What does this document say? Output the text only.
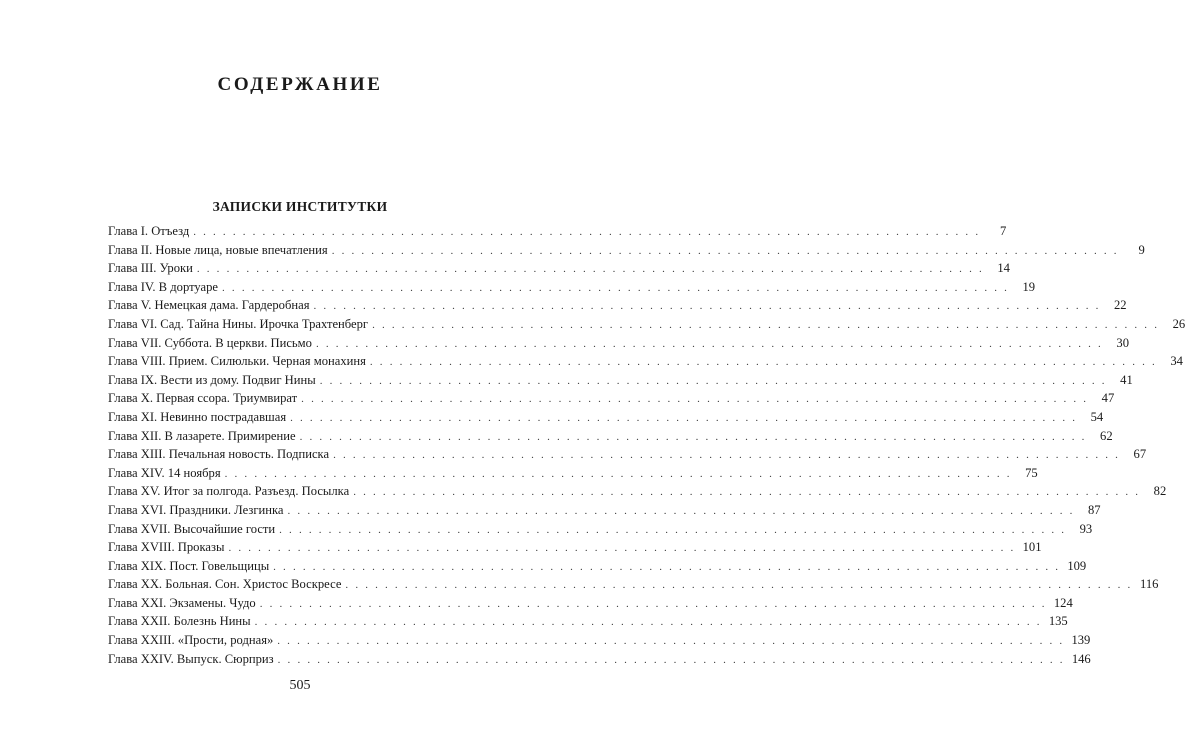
СОДЕРЖАНИЕ
ЗАПИСКИ ИНСТИТУТКИ
Глава I. Отъезд . . . . . . . . . . . . . . . . . . . . . . . . . . . . . . . . . . . . . . . . . . . . . . . . . . . . . . . . . . . . . . . . . . . . . . . . . . . . . . . .	7
Глава II. Новые лица, новые впечатления . . . . . . . . . . . . . . . . . . . . . . . . . . . . . . . . . . . . . . . . . . . . . . . . . . . . . . . . . . . . . . . . . . . . . . . . . . . . . . . .	9
Глава III. Уроки . . . . . . . . . . . . . . . . . . . . . . . . . . . . . . . . . . . . . . . . . . . . . . . . . . . . . . . . . . . . . . . . . . . . . . . . . . . . . . . .	14
Глава IV. В дортуаре . . . . . . . . . . . . . . . . . . . . . . . . . . . . . . . . . . . . . . . . . . . . . . . . . . . . . . . . . . . . . . . . . . . . . . . . . . . . . . . .	19
Глава V. Немецкая дама. Гардеробная . . . . . . . . . . . . . . . . . . . . . . . . . . . . . . . . . . . . . . . . . . . . . . . . . . . . . . . . . . . . . . . . . . . . . . . . . . . . . . . .	22
Глава VI. Сад. Тайна Нины. Ирочка Трахтенберг . . . . . . . . . . . . . . . . . . . . . . . . . . . . . . . . . . . . . . . . . . . . . . . . . . . . . . . . . . . . . . . . . . . . . . . . . . . . . . . .	26
Глава VII. Суббота. В церкви. Письмо . . . . . . . . . . . . . . . . . . . . . . . . . . . . . . . . . . . . . . . . . . . . . . . . . . . . . . . . . . . . . . . . . . . . . . . . . . . . . . . .	30
Глава VIII. Прием. Силюльки. Черная монахиня . . . . . . . . . . . . . . . . . . . . . . . . . . . . . . . . . . . . . . . . . . . . . . . . . . . . . . . . . . . . . . . . . . . . . . . . . . . . . . . .	34
Глава IX. Вести из дому. Подвиг Нины . . . . . . . . . . . . . . . . . . . . . . . . . . . . . . . . . . . . . . . . . . . . . . . . . . . . . . . . . . . . . . . . . . . . . . . . . . . . . . . .	41
Глава X. Первая ссора. Триумвират . . . . . . . . . . . . . . . . . . . . . . . . . . . . . . . . . . . . . . . . . . . . . . . . . . . . . . . . . . . . . . . . . . . . . . . . . . . . . . . .	47
Глава XI. Невинно пострадавшая . . . . . . . . . . . . . . . . . . . . . . . . . . . . . . . . . . . . . . . . . . . . . . . . . . . . . . . . . . . . . . . . . . . . . . . . . . . . . . . .	54
Глава XII. В лазарете. Примирение . . . . . . . . . . . . . . . . . . . . . . . . . . . . . . . . . . . . . . . . . . . . . . . . . . . . . . . . . . . . . . . . . . . . . . . . . . . . . . . .	62
Глава XIII. Печальная новость. Подписка . . . . . . . . . . . . . . . . . . . . . . . . . . . . . . . . . . . . . . . . . . . . . . . . . . . . . . . . . . . . . . . . . . . . . . . . . . . . . . . .	67
Глава XIV. 14 ноября . . . . . . . . . . . . . . . . . . . . . . . . . . . . . . . . . . . . . . . . . . . . . . . . . . . . . . . . . . . . . . . . . . . . . . . . . . . . . . . .	75
Глава XV. Итог за полгода. Разъезд. Посылка . . . . . . . . . . . . . . . . . . . . . . . . . . . . . . . . . . . . . . . . . . . . . . . . . . . . . . . . . . . . . . . . . . . . . . . . . . . . . . . .	82
Глава XVI. Праздники. Лезгинка . . . . . . . . . . . . . . . . . . . . . . . . . . . . . . . . . . . . . . . . . . . . . . . . . . . . . . . . . . . . . . . . . . . . . . . . . . . . . . . .	87
Глава XVII. Высочайшие гости . . . . . . . . . . . . . . . . . . . . . . . . . . . . . . . . . . . . . . . . . . . . . . . . . . . . . . . . . . . . . . . . . . . . . . . . . . . . . . . .	93
Глава XVIII. Проказы . . . . . . . . . . . . . . . . . . . . . . . . . . . . . . . . . . . . . . . . . . . . . . . . . . . . . . . . . . . . . . . . . . . . . . . . . . . . . . . . 101
Глава XIX. Пост. Говельщицы . . . . . . . . . . . . . . . . . . . . . . . . . . . . . . . . . . . . . . . . . . . . . . . . . . . . . . . . . . . . . . . . . . . . . . . . . . . . . . . . 109
Глава XX. Больная. Сон. Христос Воскресе . . . . . . . . . . . . . . . . . . . . . . . . . . . . . . . . . . . . . . . . . . . . . . . . . . . . . . . . . . . . . . . . . . . . . . . . . . . . . . . . 116
Глава XXI. Экзамены. Чудо . . . . . . . . . . . . . . . . . . . . . . . . . . . . . . . . . . . . . . . . . . . . . . . . . . . . . . . . . . . . . . . . . . . . . . . . . . . . . . . . 124
Глава XXII. Болезнь Нины . . . . . . . . . . . . . . . . . . . . . . . . . . . . . . . . . . . . . . . . . . . . . . . . . . . . . . . . . . . . . . . . . . . . . . . . . . . . . . . . 135
Глава XXIII. «Прости, родная» . . . . . . . . . . . . . . . . . . . . . . . . . . . . . . . . . . . . . . . . . . . . . . . . . . . . . . . . . . . . . . . . . . . . . . . . . . . . . . . . 139
Глава XXIV. Выпуск. Сюрприз . . . . . . . . . . . . . . . . . . . . . . . . . . . . . . . . . . . . . . . . . . . . . . . . . . . . . . . . . . . . . . . . . . . . . . . . . . . . . . . . 146
505
